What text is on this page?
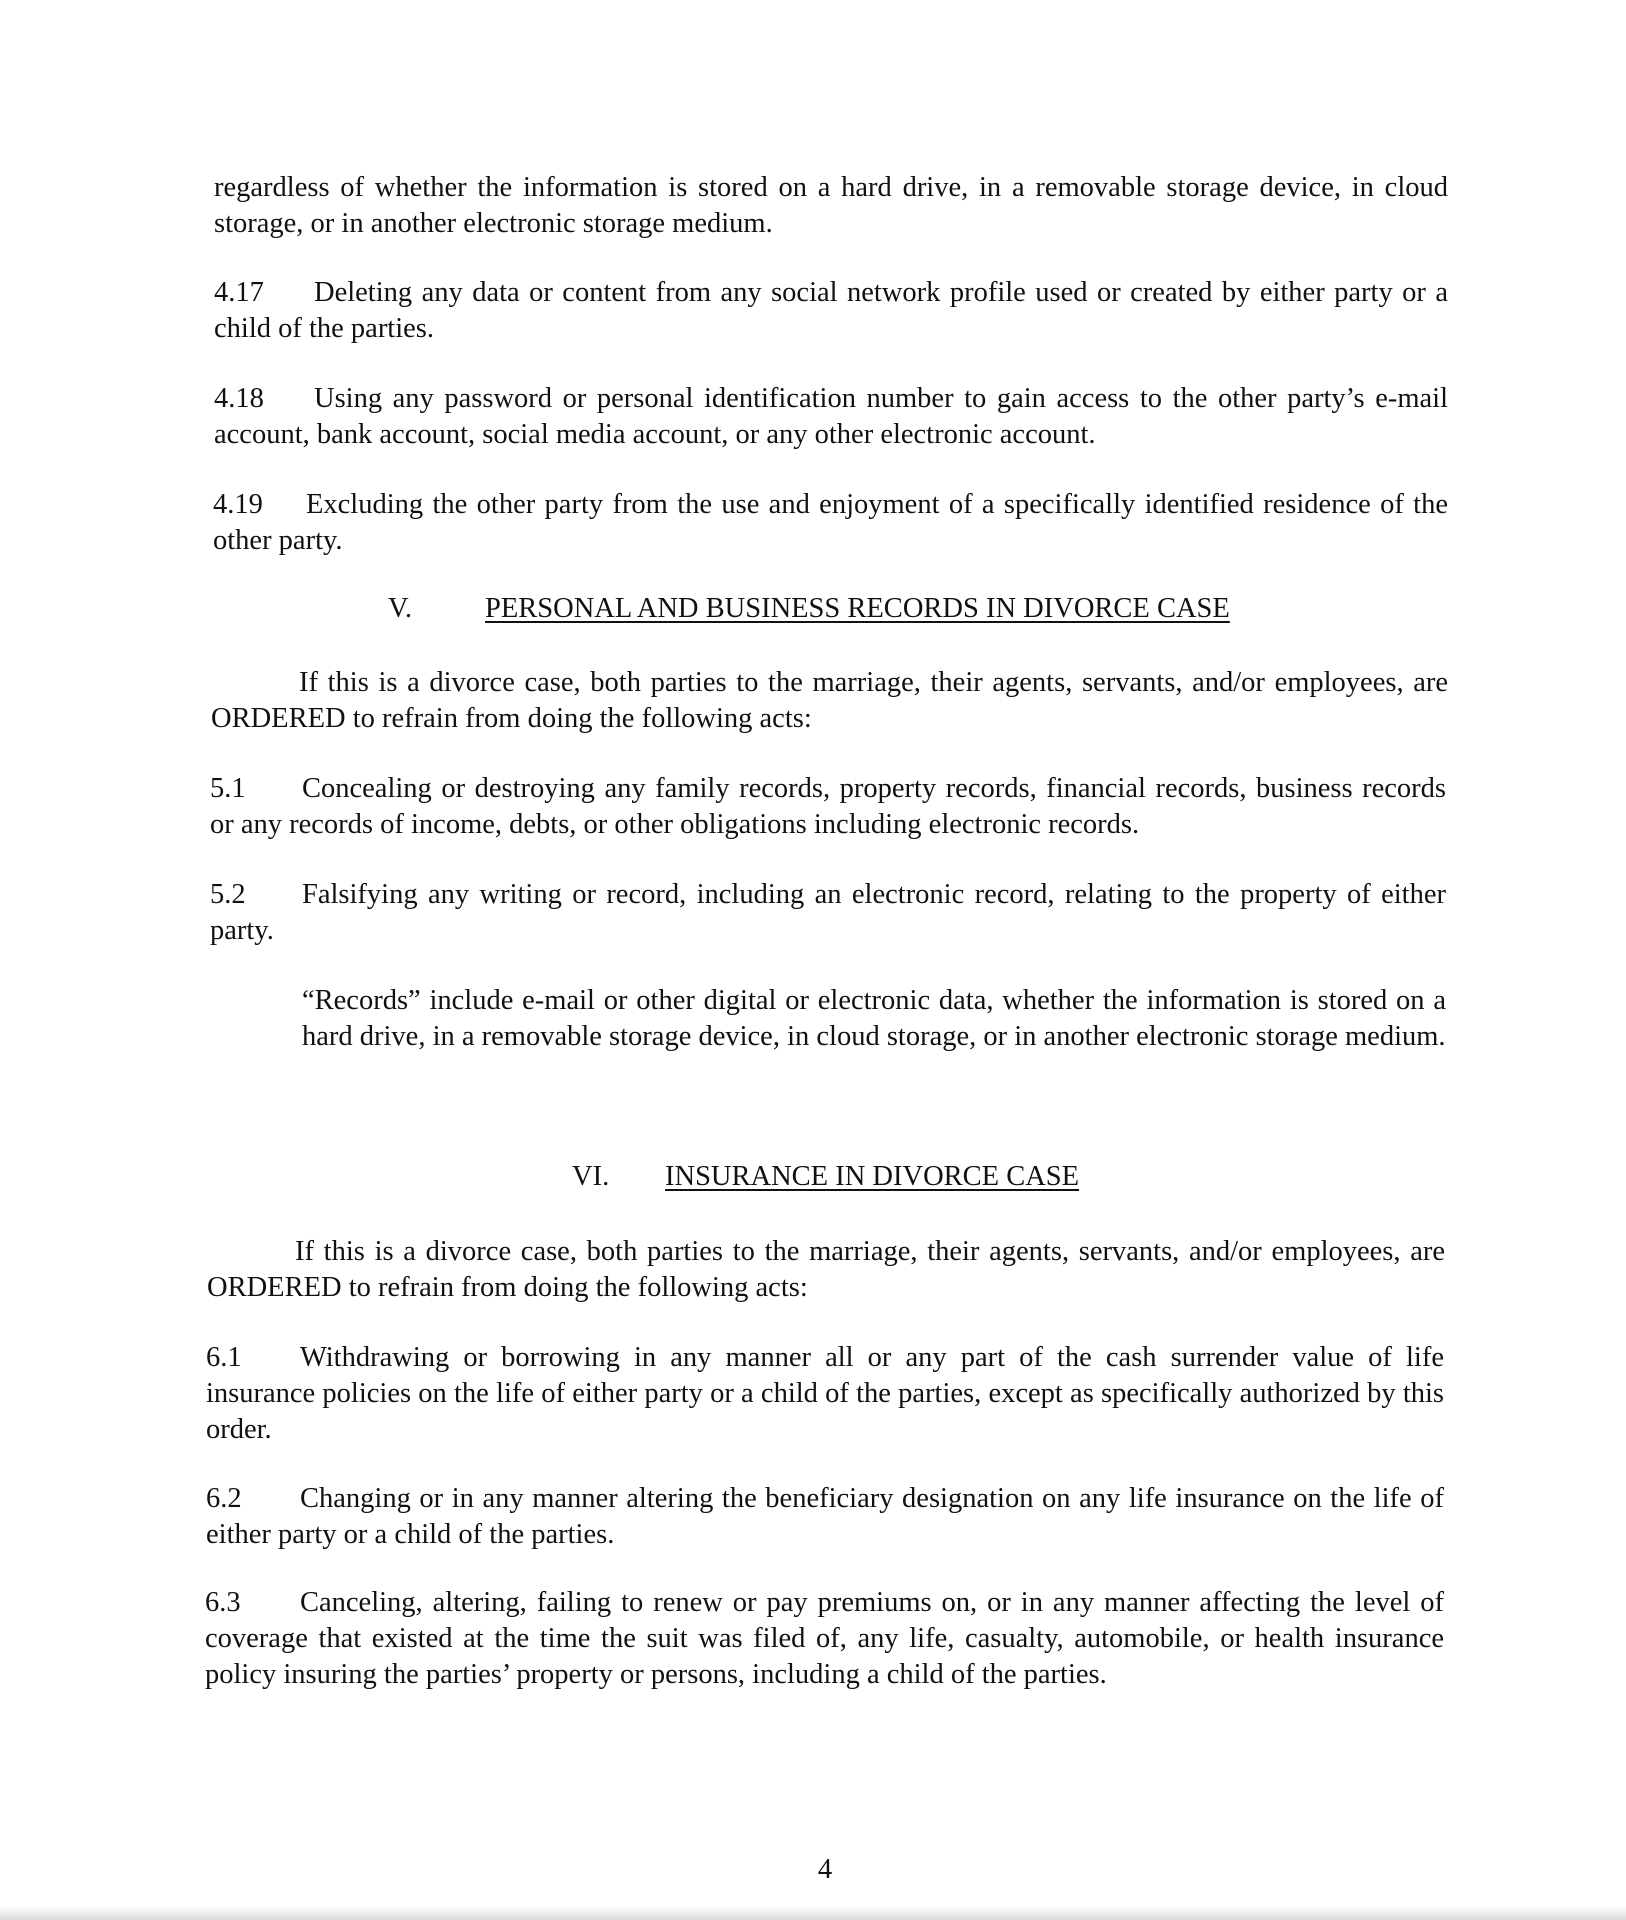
regardless of whether the information is stored on a hard drive, in a removable storage device, in cloud storage, or in another electronic storage medium.

4.17 Deleting any data or content from any social network profile used or created by either party or a child of the parties.

4.18 Using any password or personal identification number to gain access to the other party’s e-mail account, bank account, social media account, or any other electronic account.

4.19 Excluding the other party from the use and enjoyment of a specifically identified residence of the other party.

V.	PERSONAL AND BUSINESS RECORDS IN DIVORCE CASE

If this is a divorce case, both parties to the marriage, their agents, servants, and/or employees, are ORDERED to refrain from doing the following acts:

5.1 Concealing or destroying any family records, property records, financial records, business records or any records of income, debts, or other obligations including electronic records.

5.2 Falsifying any writing or record, including an electronic record, relating to the property of either party.

“Records” include e-mail or other digital or electronic data, whether the information is stored on a hard drive, in a removable storage device, in cloud storage, or in another electronic storage medium.

VI. INSURANCE IN DIVORCE CASE

If this is a divorce case, both parties to the marriage, their agents, servants, and/or employees, are ORDERED to refrain from doing the following acts:

6.1 Withdrawing or borrowing in any manner all or any part of the cash surrender value of life insurance policies on the life of either party or a child of the parties, except as specifically authorized by this order.

6.2 Changing or in any manner altering the beneficiary designation on any life insurance on the life of either party or a child of the parties.

6.3 Canceling, altering, failing to renew or pay premiums on, or in any manner affecting the level of coverage that existed at the time the suit was filed of, any life, casualty, automobile, or health insurance policy insuring the parties’ property or persons, including a child of the parties.

4
